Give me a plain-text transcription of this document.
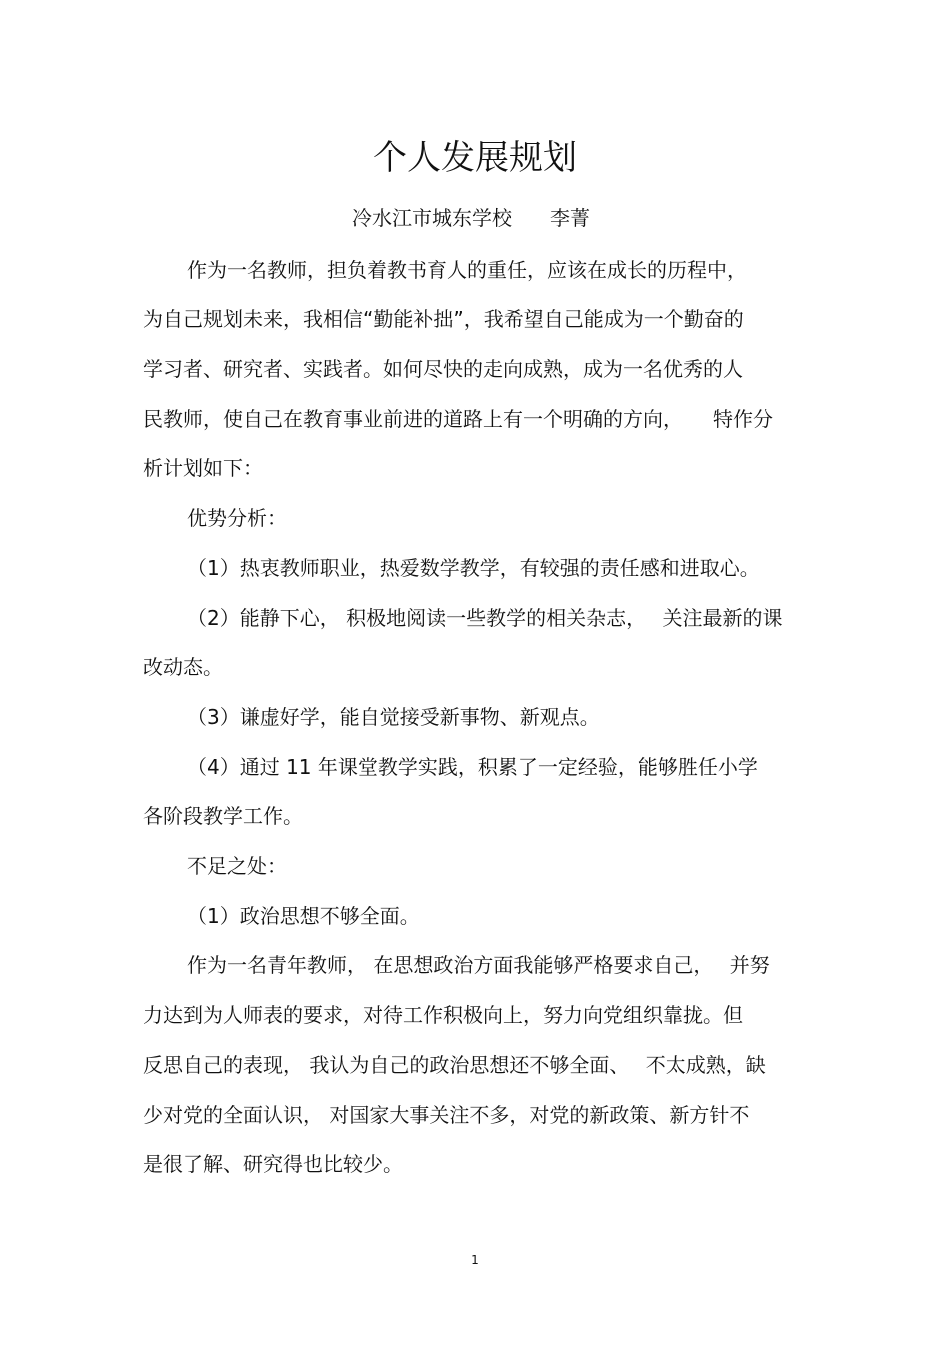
个人发展规划
冷水江市城东学校 李菁
作为一名教师，担负着教书育人的重任，应该在成长的历程中，
为自己规划未来，我相信“勤能补拙”，我希望自己能成为一个勤奋的
学习者、研究者、实践者。如何尽快的走向成熟，成为一名优秀的人
民教师，使自己在教育事业前进的道路上有一个明确的方向，　　特作分
析计划如下：
优势分析：
（1）热衷教师职业，热爱数学教学，有较强的责任感和进取心。
（2）能静下心， 积极地阅读一些教学的相关杂志，　 关注最新的课
改动态。
（3）谦虚好学，能自觉接受新事物、新观点。
（4）通过 11 年课堂教学实践，积累了一定经验，能够胜任小学
各阶段教学工作。
不足之处：
（1）政治思想不够全面。
作为一名青年教师， 在思想政治方面我能够严格要求自己，　 并努
力达到为人师表的要求，对待工作积极向上，努力向党组织靠拢。但
反思自己的表现， 我认为自己的政治思想还不够全面、　 不太成熟，缺
少对党的全面认识， 对国家大事关注不多，对党的新政策、新方针不
是很了解、研究得也比较少。
1
